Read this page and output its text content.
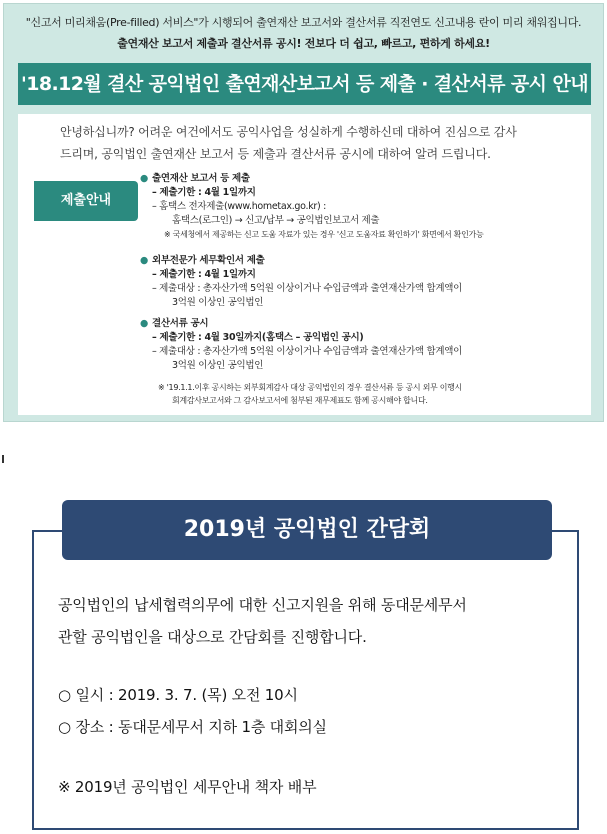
"신고서 미리채움(Pre-filled) 서비스"가 시행되어 출연재산 보고서와 결산서류 직전연도 신고내용 란이 미리 채워집니다.
출연재산 보고서 제출과 결산서류 공시! 전보다 더 쉽고, 빠르고, 편하게 하세요!
'18.12월 결산 공익법인 출연재산보고서 등 제출 · 결산서류 공시 안내
안녕하십니까? 어려운 여건에서도 공익사업을 성실하게 수행하신데 대하여 진심으로 감사
드리며, 공익법인 출연재산 보고서 등 제출과 결산서류 공시에 대하여 알려 드립니다.
제출안내
● 출연재산 보고서 등 제출
– 제출기한 : 4월 1일까지
– 홈택스 전자제출(www.hometax.go.kr) :
홈택스(로그인) → 신고/납부 → 공익법인보고서 제출
※ 국세청에서 제공하는 신고 도움 자료가 있는 경우 '신고 도움자료 확인하기' 화면에서 확인가능
● 외부전문가 세무확인서 제출
– 제출기한 : 4월 1일까지
– 제출대상 : 총자산가액 5억원 이상이거나 수입금액과 출연재산가액 합계액이
3억원 이상인 공익법인
● 결산서류 공시
– 제출기한 : 4월 30일까지(홈택스 – 공익법인 공시)
– 제출대상 : 총자산가액 5억원 이상이거나 수입금액과 출연재산가액 합계액이
3억원 이상인 공익법인
※ '19.1.1.이후 공시하는 외부회계감사 대상 공익법인의 경우 결산서류 등 공시 외무 이행시
회계감사보고서와 그 감사보고서에 첨부된 재무제표도 함께 공시해야 합니다.
2019년 공익법인 간담회
공익법인의 납세협력의무에 대한 신고지원을 위해 동대문세무서
관할 공익법인을 대상으로 간담회를 진행합니다.
○ 일시 : 2019. 3. 7. (목) 오전 10시
○ 장소 : 동대문세무서 지하 1층 대회의실
※ 2019년 공익법인 세무안내 책자 배부
